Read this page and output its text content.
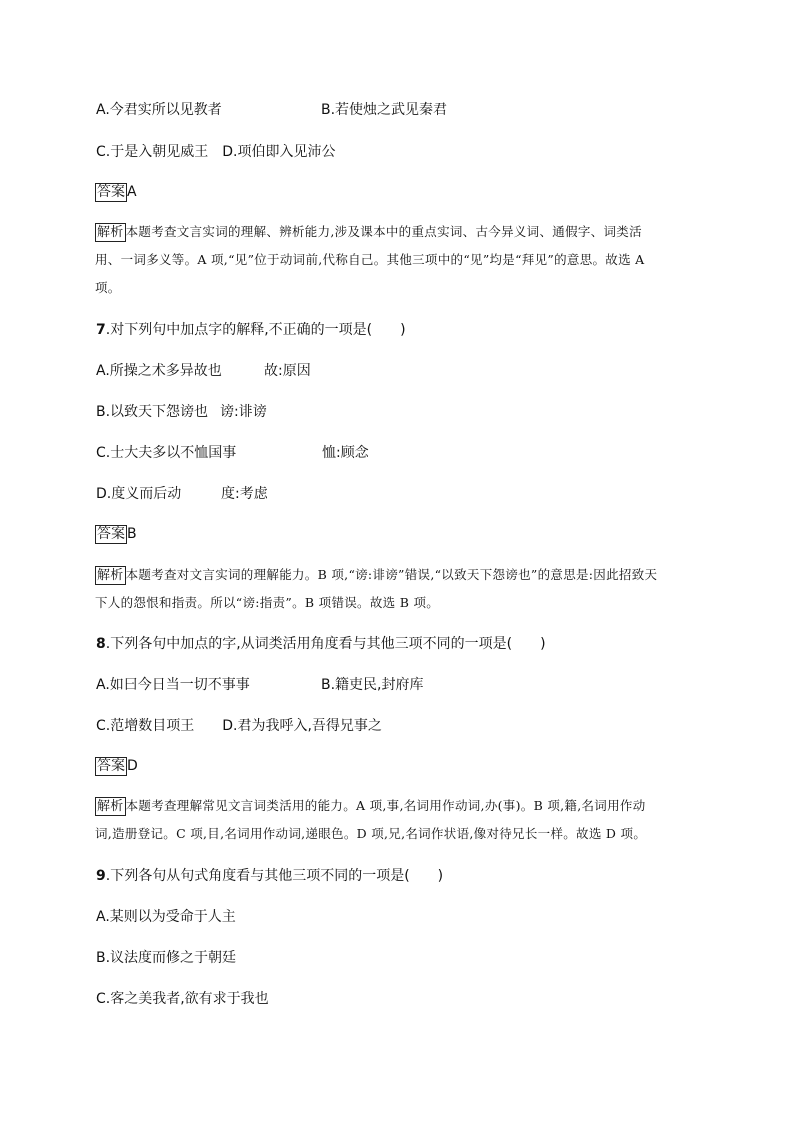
A.今君实所以见教者	B.若使烛之武见秦君
C.于是入朝见威王　D.项伯即入见沛公
答案 A
解析 本题考查文言实词的理解、辨析能力,涉及课本中的重点实词、古今异义词、通假字、词类活
用、一词多义等。A 项,“见”位于动词前,代称自己。其他三项中的“见”均是“拜见”的意思。故选 A
项。
7.对下列句中加点字的解释,不正确的一项是(　　)
A.所操之术多异故也	故:原因
B.以致天下怨谤也 谤:诽谤
C.士大夫多以不恤国事	恤:顾念
D.度义而后动	度:考虑
答案 B
解析 本题考查对文言实词的理解能力。B 项,“谤:诽谤”错误,“以致天下怨谤也”的意思是:因此招致天
下人的怨恨和指责。所以“谤:指责”。B 项错误。故选 B 项。
8.下列各句中加点的字,从词类活用角度看与其他三项不同的一项是(　　)
A.如曰今日当一切不事事	B.籍吏民,封府库
C.范增数目项王　　D.君为我呼入,吾得兄事之
答案 D
解析 本题考查理解常见文言词类活用的能力。A 项,事,名词用作动词,办(事)。B 项,籍,名词用作动
词,造册登记。C 项,目,名词用作动词,递眼色。D 项,兄,名词作状语,像对待兄长一样。故选 D 项。
9.下列各句从句式角度看与其他三项不同的一项是(　　)
A.某则以为受命于人主
B.议法度而修之于朝廷
C.客之美我者,欲有求于我也
